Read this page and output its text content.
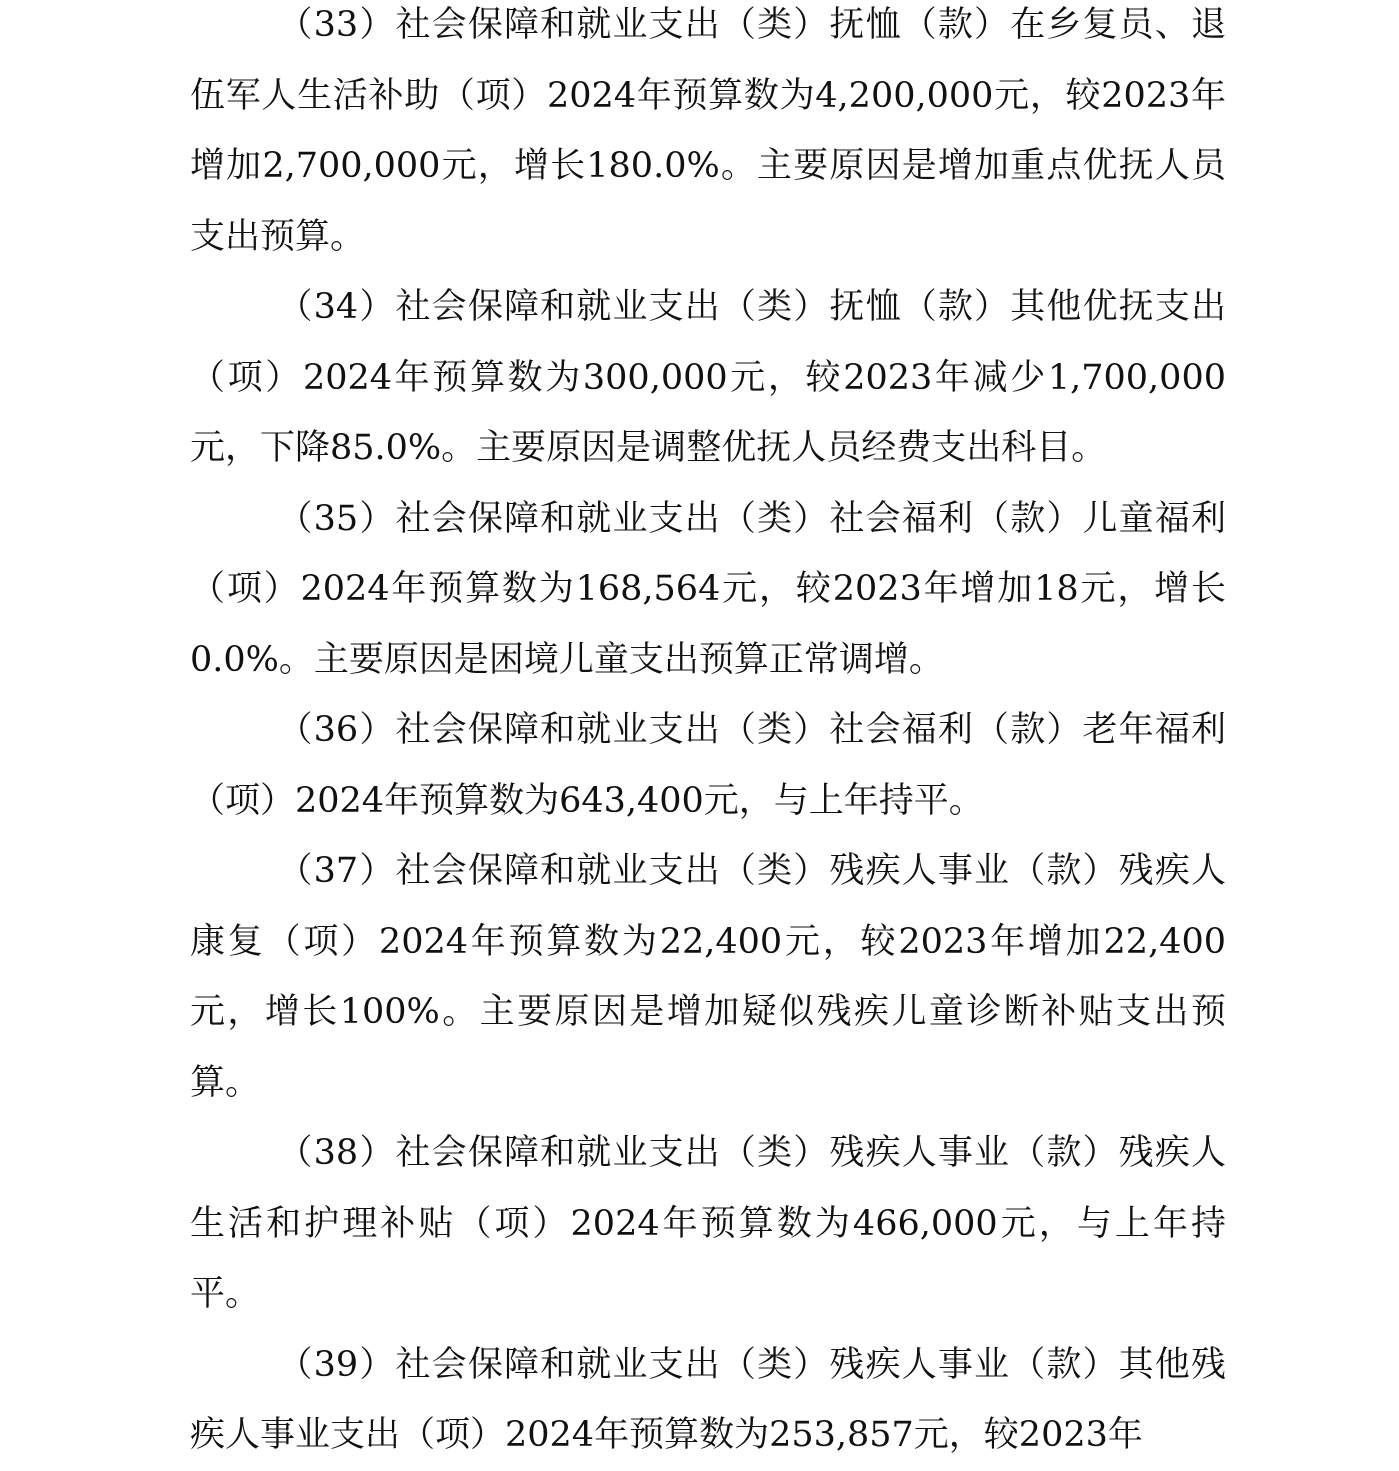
（33）社会保障和就业支出（类）抚恤（款）在乡复员、退伍军人生活补助（项）2024年预算数为4,200,000元，较2023年增加2,700,000元，增长180.0%。主要原因是增加重点优抚人员支出预算。

（34）社会保障和就业支出（类）抚恤（款）其他优抚支出（项）2024年预算数为300,000元，较2023年减少1,700,000元，下降85.0%。主要原因是调整优抚人员经费支出科目。

（35）社会保障和就业支出（类）社会福利（款）儿童福利（项）2024年预算数为168,564元，较2023年增加18元，增长0.0%。主要原因是困境儿童支出预算正常调增。

（36）社会保障和就业支出（类）社会福利（款）老年福利（项）2024年预算数为643,400元，与上年持平。

（37）社会保障和就业支出（类）残疾人事业（款）残疾人康复（项）2024年预算数为22,400元，较2023年增加22,400元，增长100%。主要原因是增加疑似残疾儿童诊断补贴支出预算。

（38）社会保障和就业支出（类）残疾人事业（款）残疾人生活和护理补贴（项）2024年预算数为466,000元，与上年持平。

（39）社会保障和就业支出（类）残疾人事业（款）其他残疾人事业支出（项）2024年预算数为253,857元，较2023年
